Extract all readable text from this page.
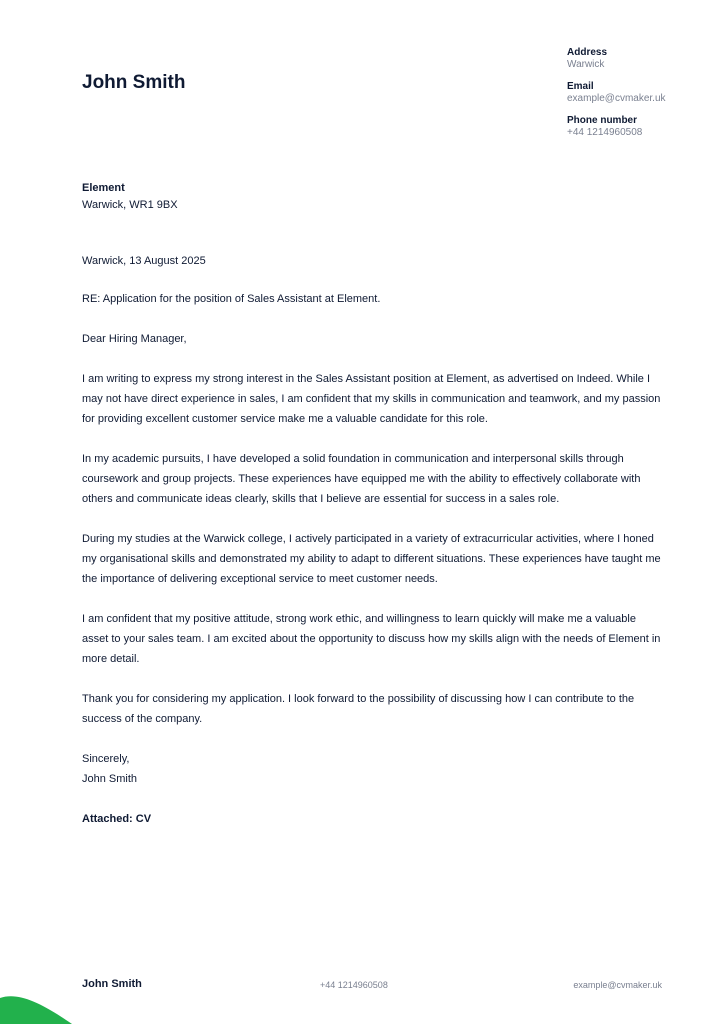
John Smith
Address
Warwick
Email
example@cvmaker.uk
Phone number
+44 1214960508
Element
Warwick, WR1 9BX

Warwick, 13 August 2025

RE: Application for the position of Sales Assistant at Element.

Dear Hiring Manager,

I am writing to express my strong interest in the Sales Assistant position at Element, as advertised on Indeed. While I may not have direct experience in sales, I am confident that my skills in communication and teamwork, and my passion for providing excellent customer service make me a valuable candidate for this role.

In my academic pursuits, I have developed a solid foundation in communication and interpersonal skills through coursework and group projects. These experiences have equipped me with the ability to effectively collaborate with others and communicate ideas clearly, skills that I believe are essential for success in a sales role.

During my studies at the Warwick college, I actively participated in a variety of extracurricular activities, where I honed my organisational skills and demonstrated my ability to adapt to different situations. These experiences have taught me the importance of delivering exceptional service to meet customer needs.

I am confident that my positive attitude, strong work ethic, and willingness to learn quickly will make me a valuable asset to your sales team. I am excited about the opportunity to discuss how my skills align with the needs of Element in more detail.

Thank you for considering my application. I look forward to the possibility of discussing how I can contribute to the success of the company.

Sincerely,

John Smith

Attached: CV

John Smith	+44 1214960508	example@cvmaker.uk
